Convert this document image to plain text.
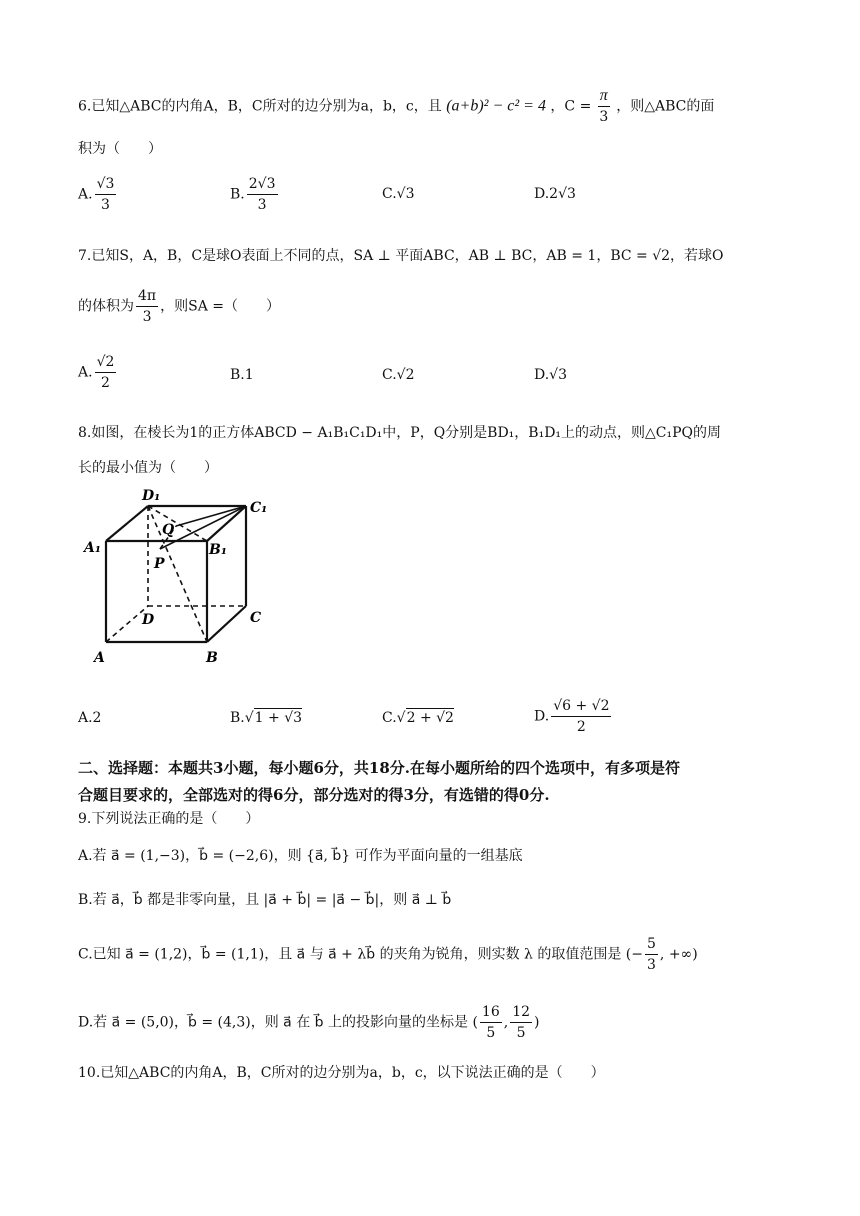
6.已知△ABC的内角A，B，C所对的边分别为a，b，c，且 (a+b)² − c² = 4 ，$C = \frac{\pi}{3}$ ，则△ABC的面
积为（　　）
A. $\frac{√3}{3}$	B. $\frac{2√3}{3}$	C.√3	D.2√3
7.已知S，A，B，C是球O表面上不同的点，SA ⊥ 平面ABC，AB ⊥ BC，AB = 1，BC = √2，若球O
的体积为 $\frac{4\pi}{3}$ ，则SA =（　　）
A. $\frac{√2}{2}$	B.1	C.√2	D.√3
8.如图，在棱长为1的正方体ABCD − A₁B₁C₁D₁中，P，Q分别是BD₁，B₁D₁上的动点，则△C₁PQ的周
长的最小值为（　　）
D₁
C₁
A₁	B₁
Q
P
D	C
A	B
A.2	B.√1 + √3	C.√2 + √2	D. $\frac{√6 + √2}{2}$
二、选择题：本题共3小题，每小题6分，共18分.在每小题所给的四个选项中，有多项是符
合题目要求的，全部选对的得6分，部分选对的得3分，有选错的得0分.
9.下列说法正确的是（　　）
A.若 a⃗ = (1,−3)，b⃗ = (−2,6)，则 {a⃗, b⃗} 可作为平面向量的一组基底
B.若 a⃗，b⃗ 都是非零向量，且 |a⃗ + b⃗| = |a⃗ − b⃗|，则 a⃗ ⊥ b⃗
C.已知 a⃗ = (1,2)，b⃗ = (1,1)，且 a⃗ 与 a⃗ + λb⃗ 的夹角为锐角，则实数 λ 的取值范围是 (− $\frac{5}{3}$ , +∞)
D.若 a⃗ = (5,0)，b⃗ = (4,3)，则 a⃗ 在 b⃗ 上的投影向量的坐标是 ( $\frac{16}{5}$ , $\frac{12}{5}$ )
10.已知△ABC的内角A，B，C所对的边分别为a，b，c，以下说法正确的是（　　）
